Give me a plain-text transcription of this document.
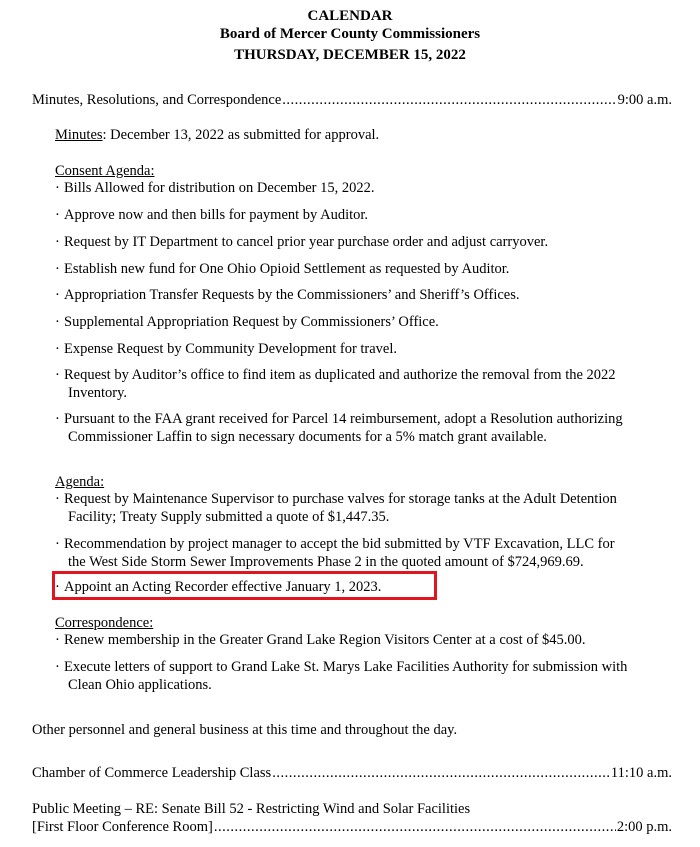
CALENDAR
Board of Mercer County Commissioners
THURSDAY, DECEMBER 15, 2022
Minutes, Resolutions, and Correspondence .....	9:00 a.m.
Minutes: December 13, 2022 as submitted for approval.
Consent Agenda:
· Bills Allowed for distribution on December 15, 2022.
· Approve now and then bills for payment by Auditor.
· Request by IT Department to cancel prior year purchase order and adjust carryover.
· Establish new fund for One Ohio Opioid Settlement as requested by Auditor.
· Appropriation Transfer Requests by the Commissioners’ and Sheriff’s Offices.
· Supplemental Appropriation Request by Commissioners’ Office.
· Expense Request by Community Development for travel.
· Request by Auditor’s office to find item as duplicated and authorize the removal from the 2022
Inventory.
· Pursuant to the FAA grant received for Parcel 14 reimbursement, adopt a Resolution authorizing
Commissioner Laffin to sign necessary documents for a 5% match grant available.
Agenda:
· Request by Maintenance Supervisor to purchase valves for storage tanks at the Adult Detention
Facility; Treaty Supply submitted a quote of $1,447.35.
· Recommendation by project manager to accept the bid submitted by VTF Excavation, LLC for
the West Side Storm Sewer Improvements Phase 2 in the quoted amount of $724,969.69.
· Appoint an Acting Recorder effective January 1, 2023.
Correspondence:
· Renew membership in the Greater Grand Lake Region Visitors Center at a cost of $45.00.
· Execute letters of support to Grand Lake St. Marys Lake Facilities Authority for submission with
Clean Ohio applications.
Other personnel and general business at this time and throughout the day.
Chamber of Commerce Leadership Class .....	11:10 a.m.
Public Meeting – RE: Senate Bill 52 - Restricting Wind and Solar Facilities
[First Floor Conference Room] .....	2:00 p.m.
